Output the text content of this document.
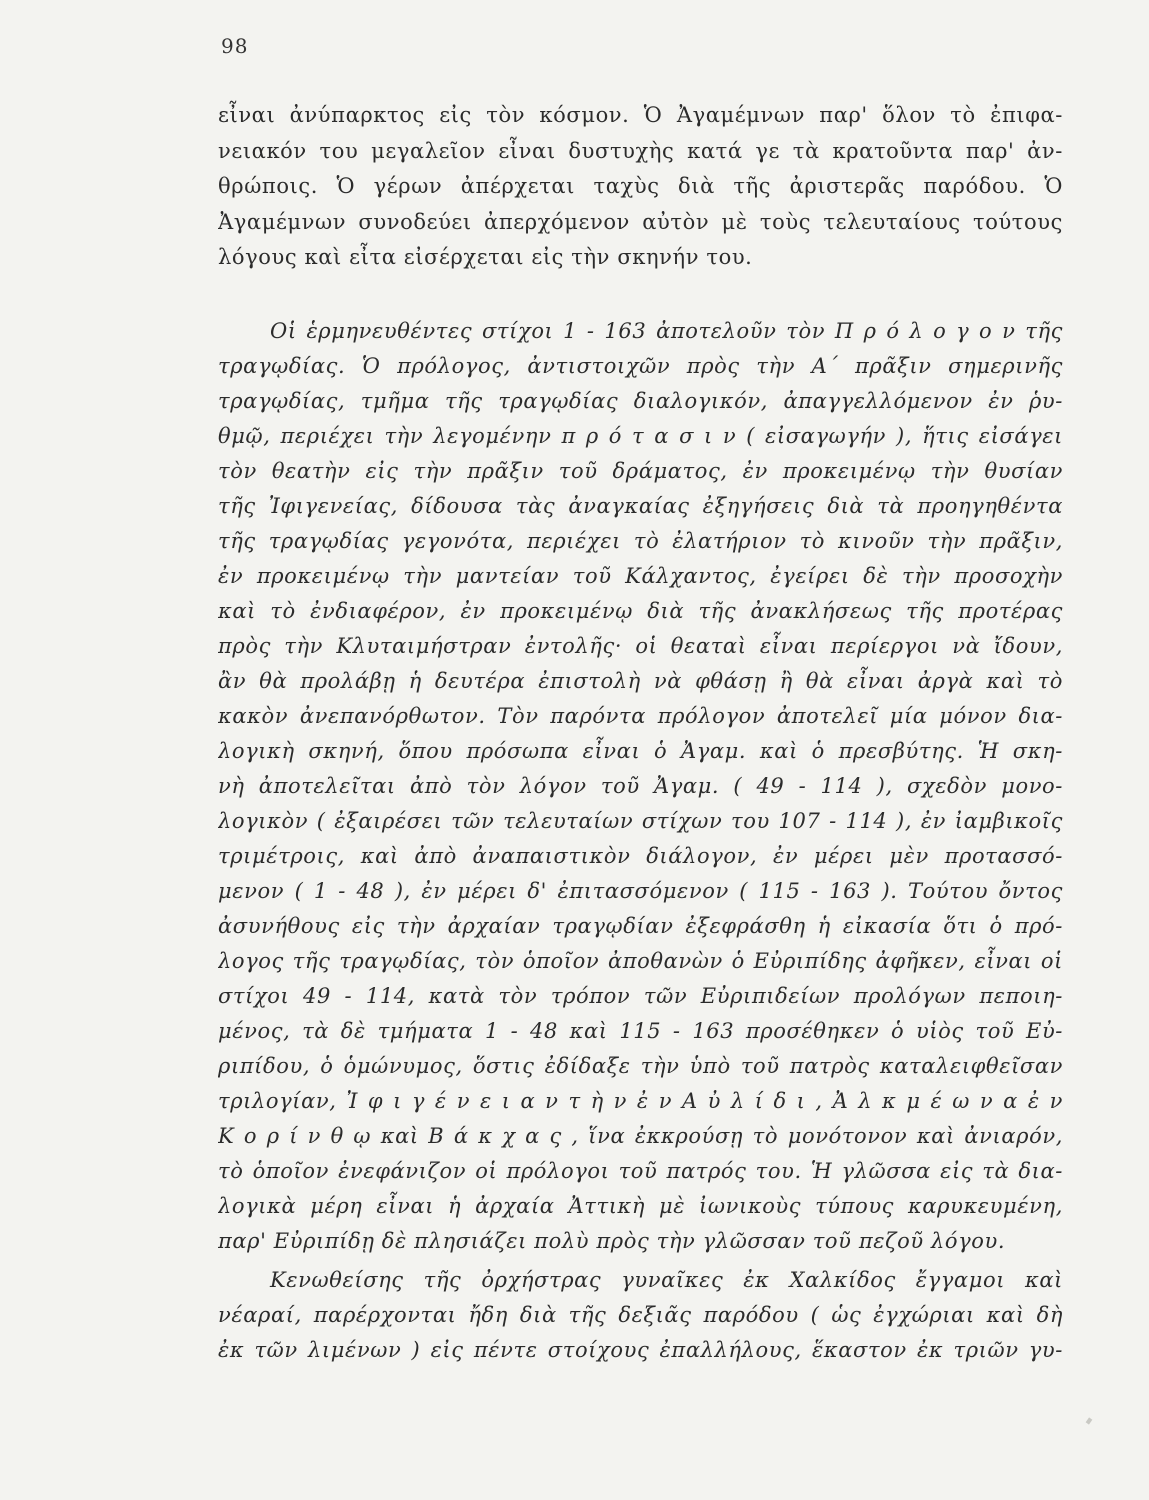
98
εἶναι ἀνύπαρκτος εἰς τὸν κόσμον. Ὁ Ἀγαμέμνων παρ' ὅλον τὸ ἐπιφα-
νειακόν του μεγαλεῖον εἶναι δυστυχὴς κατά γε τὰ κρατοῦντα παρ' ἀν-
θρώποις. Ὁ γέρων ἀπέρχεται ταχὺς διὰ τῆς ἀριστερᾶς παρόδου. Ὁ
Ἀγαμέμνων συνοδεύει ἀπερχόμενον αὐτὸν μὲ τοὺς τελευταίους τούτους
λόγους καὶ εἶτα εἰσέρχεται εἰς τὴν σκηνήν του.
Οἱ ἑρμηνευθέντες στίχοι 1 - 163 ἀποτελοῦν τὸν Π ρ ό λ ο γ ο ν τῆς
τραγῳδίας. Ὁ πρόλογος, ἀντιστοιχῶν πρὸς τὴν Α΄ πρᾶξιν σημερινῆς
τραγῳδίας, τμῆμα τῆς τραγῳδίας διαλογικόν, ἀπαγγελλόμενον ἐν ῥυ-
θμῷ, περιέχει τὴν λεγομένην π ρ ό τ α σ ι ν ( εἰσαγωγήν ), ἥτις εἰσάγει
τὸν θεατὴν εἰς τὴν πρᾶξιν τοῦ δράματος, ἐν προκειμένῳ τὴν θυσίαν
τῆς Ἰφιγενείας, δίδουσα τὰς ἀναγκαίας ἐξηγήσεις διὰ τὰ προηγηθέντα
τῆς τραγῳδίας γεγονότα, περιέχει τὸ ἐλατήριον τὸ κινοῦν τὴν πρᾶξιν,
ἐν προκειμένῳ τὴν μαντείαν τοῦ Κάλχαντος, ἐγείρει δὲ τὴν προσοχὴν
καὶ τὸ ἐνδιαφέρον, ἐν προκειμένῳ διὰ τῆς ἀνακλήσεως τῆς προτέρας
πρὸς τὴν Κλυταιμήστραν ἐντολῆς· οἱ θεαταὶ εἶναι περίεργοι νὰ ἴδουν,
ἂν θὰ προλάβῃ ἡ δευτέρα ἐπιστολὴ νὰ φθάσῃ ἢ θὰ εἶναι ἀργὰ καὶ τὸ
κακὸν ἀνεπανόρθωτον. Τὸν παρόντα πρόλογον ἀποτελεῖ μία μόνον δια-
λογικὴ σκηνή, ὅπου πρόσωπα εἶναι ὁ Ἀγαμ. καὶ ὁ πρεσβύτης. Ἡ σκη-
νὴ ἀποτελεῖται ἀπὸ τὸν λόγον τοῦ Ἀγαμ. ( 49 - 114 ), σχεδὸν μονο-
λογικὸν ( ἐξαιρέσει τῶν τελευταίων στίχων του 107 - 114 ), ἐν ἰαμβικοῖς
τριμέτροις, καὶ ἀπὸ ἀναπαιστικὸν διάλογον, ἐν μέρει μὲν προτασσό-
μενον ( 1 - 48 ), ἐν μέρει δ' ἐπιτασσόμενον ( 115 - 163 ). Τούτου ὄντος
ἀσυνήθους εἰς τὴν ἀρχαίαν τραγῳδίαν ἐξεφράσθη ἡ εἰκασία ὅτι ὁ πρό-
λογος τῆς τραγῳδίας, τὸν ὁποῖον ἀποθανὼν ὁ Εὐριπίδης ἀφῆκεν, εἶναι οἱ
στίχοι 49 - 114, κατὰ τὸν τρόπον τῶν Εὐριπιδείων προλόγων πεποιη-
μένος, τὰ δὲ τμήματα 1 - 48 καὶ 115 - 163 προσέθηκεν ὁ υἱὸς τοῦ Εὐ-
ριπίδου, ὁ ὁμώνυμος, ὅστις ἐδίδαξε τὴν ὑπὸ τοῦ πατρὸς καταλειφθεῖσαν
τριλογίαν, Ἰ φ ι γ έ ν ε ι α ν τ ὴ ν ἐ ν Α ὐ λ ί δ ι , Ἀ λ κ μ έ ω ν α ἐ ν
Κ ο ρ ί ν θ ῳ καὶ Β ά κ χ α ς , ἵνα ἐκκρούσῃ τὸ μονότονον καὶ ἀνιαρόν,
τὸ ὁποῖον ἐνεφάνιζον οἱ πρόλογοι τοῦ πατρός του. Ἡ γλῶσσα εἰς τὰ δια-
λογικὰ μέρη εἶναι ἡ ἀρχαία Ἀττικὴ μὲ ἰωνικοὺς τύπους καρυκευμένη,
παρ' Εὐριπίδῃ δὲ πλησιάζει πολὺ πρὸς τὴν γλῶσσαν τοῦ πεζοῦ λόγου.
Κενωθείσης τῆς ὀρχήστρας γυναῖκες ἐκ Χαλκίδος ἔγγαμοι καὶ
νέαραί, παρέρχονται ἤδη διὰ τῆς δεξιᾶς παρόδου ( ὡς ἐγχώριαι καὶ δὴ
ἐκ τῶν λιμένων ) εἰς πέντε στοίχους ἐπαλλήλους, ἕκαστον ἐκ τριῶν γυ-
